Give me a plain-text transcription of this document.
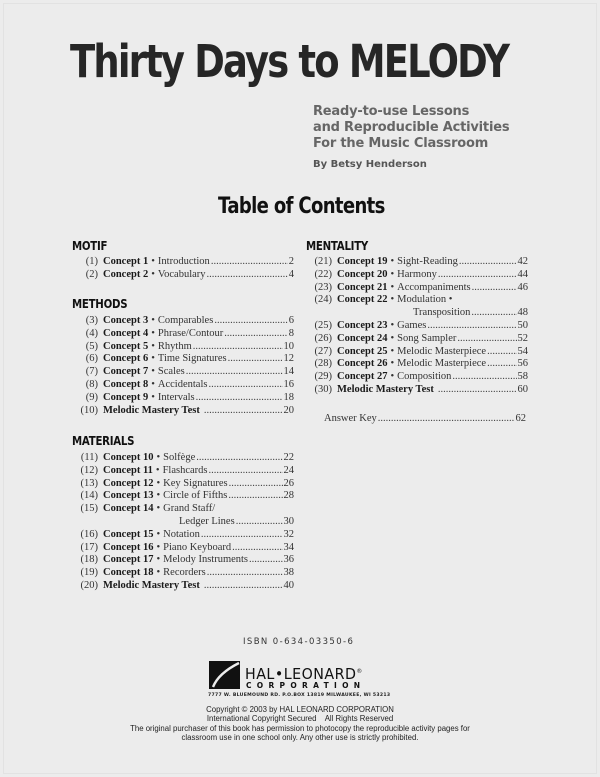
Thirty Days to MELODY
Ready-to-use Lessons
and Reproducible Activities
For the Music Classroom
By Betsy Henderson
Table of Contents
MOTIF
METHODS
MATERIALS
MENTALITY
(1) Concept 1 • Introduction .....	2
(2) Concept 2 • Vocabulary .....	4
(3) Concept 3 • Comparables .....	6
(4) Concept 4 • Phrase/Contour .....	8
(5) Concept 5 • Rhythm .....	10
(6) Concept 6 • Time Signatures .....	12
(7) Concept 7 • Scales .....	14
(8) Concept 8 • Accidentals .....	16
(9) Concept 9 • Intervals .....	18
(10) Melodic Mastery Test .....	20
(11) Concept 10 • Solfège .....	22
(12) Concept 11 • Flashcards .....	24
(13) Concept 12 • Key Signatures .....	26
(14) Concept 13 • Circle of Fifths .....	28
(15) Concept 14 • Grand Staff/
Ledger Lines .....	30
(16) Concept 15 • Notation .....	32
(17) Concept 16 • Piano Keyboard .....	34
(18) Concept 17 • Melody Instruments .....	36
(19) Concept 18 • Recorders .....	38
(20) Melodic Mastery Test .....	40
(21) Concept 19 • Sight-Reading .....	42
(22) Concept 20 • Harmony .....	44
(23) Concept 21 • Accompaniments .....	46
(24) Concept 22 • Modulation •
Transposition .....	48
(25) Concept 23 • Games .....	50
(26) Concept 24 • Song Sampler .....	52
(27) Concept 25 • Melodic Masterpiece .....	54
(28) Concept 26 • Melodic Masterpiece .....	56
(29) Concept 27 • Composition .....	58
(30) Melodic Mastery Test .....	60
Answer Key .....	62
ISBN 0-634-03350-6
HAL•LEONARD®
CORPORATION
7777 W. BLUEMOUND RD. P.O.BOX 13819 MILWAUKEE, WI 53213
Copyright © 2003 by HAL LEONARD CORPORATION
International Copyright Secured    All Rights Reserved
The original purchaser of this book has permission to photocopy the reproducible activity pages for
classroom use in one school only. Any other use is strictly prohibited.
